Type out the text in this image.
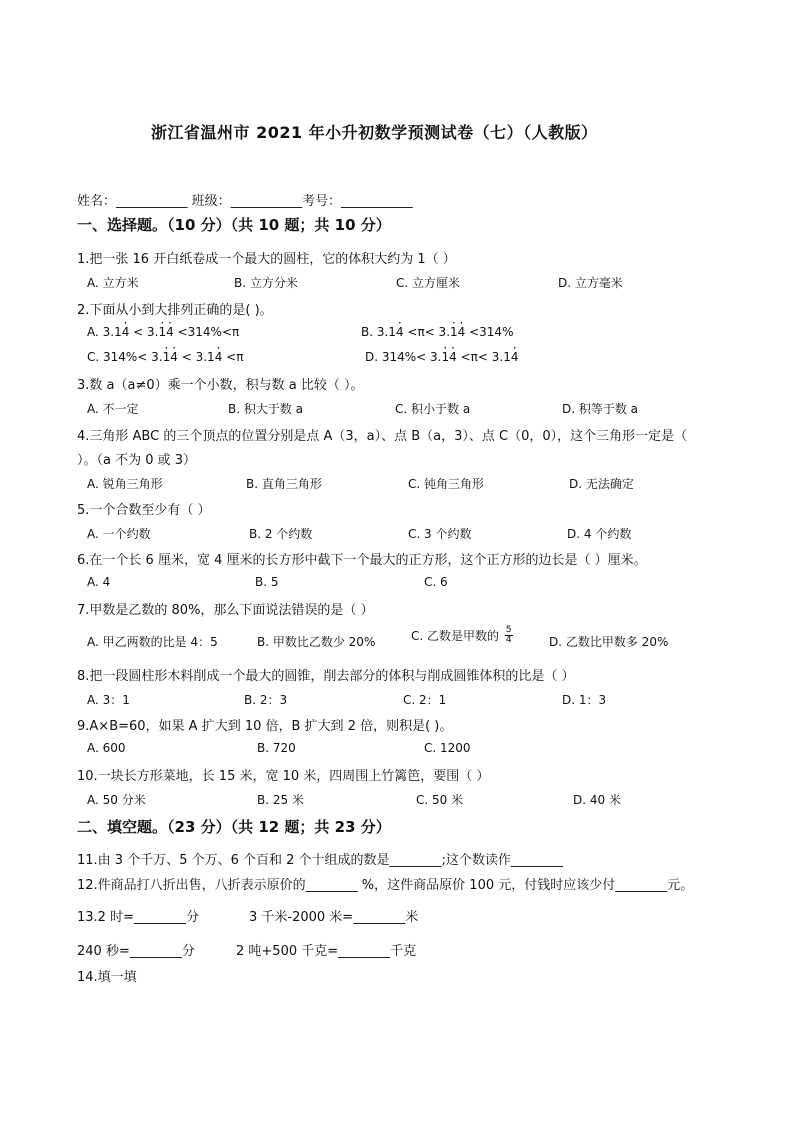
浙江省温州市 2021 年小升初数学预测试卷（七）（人教版）
姓名：___________ 班级：___________考号：___________
一、选择题。（10 分）（共 10 题；共 10 分）
1.把一张 16 开白纸卷成一个最大的圆柱，它的体积大约为 1（ ）
A. 立方米	B. 立方分米	C. 立方厘米	D. 立方毫米
2.下面从小到大排列正确的是( )。
A. 3.14 · < 3.1 ·4 · <314%<π	B. 3.14 · <π< 3.1 ·4 · <314%
C. 314%< 3.1 ·4 · < 3.14 · <π	D. 314%< 3.1 ·4 · <π< 3.14 ·
3.数 a（a≠0）乘一个小数，积与数 a 比较（ ）。
A. 不一定	B. 积大于数 a	C. 积小于数 a	D. 积等于数 a
4.三角形 ABC 的三个顶点的位置分别是点 A（3，a）、点 B（a，3）、点 C（0，0），这个三角形一定是（
）。（a 不为 0 或 3）
A. 锐角三角形	B. 直角三角形	C. 钝角三角形	D. 无法确定
5.一个合数至少有（ ）
A. 一个约数	B. 2 个约数	C. 3 个约数	D. 4 个约数
6.在一个长 6 厘米，宽 4 厘米的长方形中截下一个最大的正方形，这个正方形的边长是（ ）厘米。
A. 4	B. 5	C. 6
7.甲数是乙数的 80%，那么下面说法错误的是（ ）
A. 甲乙两数的比是 4：5	B. 甲数比乙数少 20%	C. 乙数是甲数的 $\frac{5}{4}$	D. 乙数比甲数多 20%
8.把一段圆柱形木料削成一个最大的圆锥，削去部分的体积与削成圆锥体积的比是（ ）
A. 3：1	B. 2：3	C. 2：1	D. 1：3
9.A×B=60，如果 A 扩大到 10 倍，B 扩大到 2 倍，则积是( )。
A. 600	B. 720	C. 1200
10.一块长方形菜地，长 15 米，宽 10 米，四周围上竹篱笆，要围（ ）
A. 50 分米	B. 25 米	C. 50 米	D. 40 米
二、填空题。（23 分）（共 12 题；共 23 分）
11.由 3 个千万、5 个万、6 个百和 2 个十组成的数是________;这个数读作________
12.件商品打八折出售，八折表示原价的________ %，这件商品原价 100 元，付钱时应该少付________元。
13.2 时=________分	3 千米-2000 米=________米
240 秒=________分	2 吨+500 千克=________千克
14.填一填
